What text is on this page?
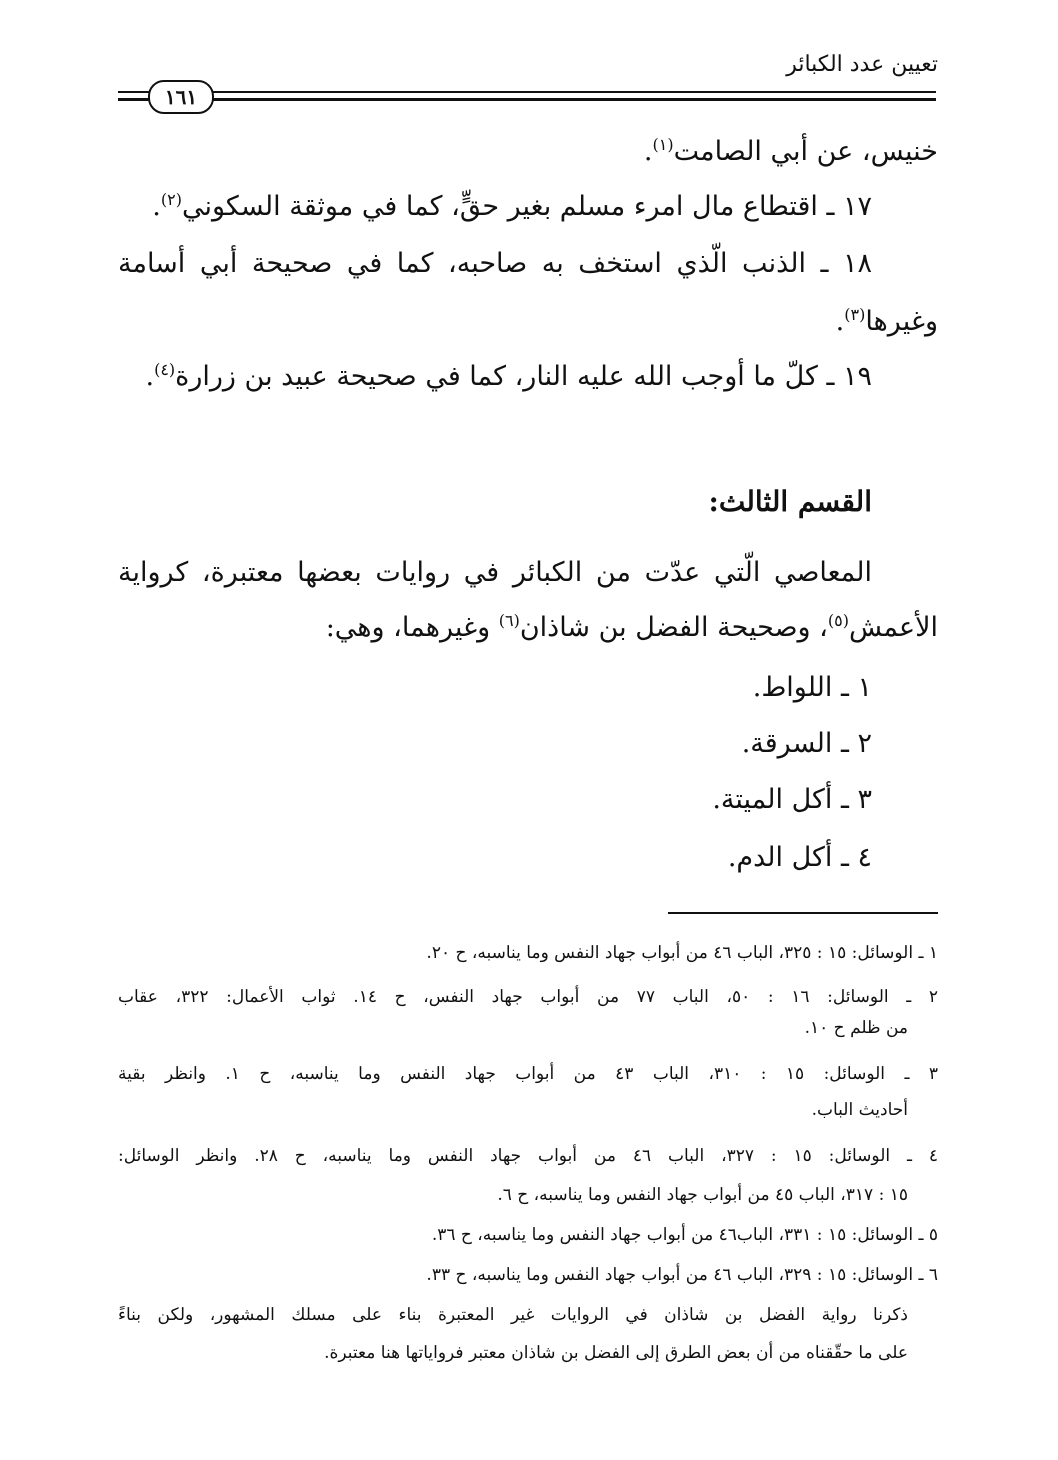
تعيين عدد الكبائر
١٦١
خنيس، عن أبي الصامت$^{(١)}$.
١٧ ـ اقتطاع مال امرء مسلم بغير حقٍّ، كما في موثقة السكوني$^{(٢)}$.
١٨ ـ الذنب الّذي استخف به صاحبه، كما في صحيحة أبي أسامة
وغيرها$^{(٣)}$.
١٩ ـ كلّ ما أوجب الله عليه النار، كما في صحيحة عبيد بن زرارة$^{(٤)}$.
القسم الثالث:
المعاصي الّتي عدّت من الكبائر في روايات بعضها معتبرة، كرواية
الأعمش$^{(٥)}$، وصحيحة الفضل بن شاذان$^{(٦)}$ وغيرهما، وهي:
١ ـ اللواط.
٢ ـ السرقة.
٣ ـ أكل الميتة.
٤ ـ أكل الدم.
١ ـ الوسائل: ١٥ : ٣٢٥، الباب ٤٦ من أبواب جهاد النفس وما يناسبه، ح ٢٠.
٢ ـ الوسائل: ١٦ : ٥٠، الباب ٧٧ من أبواب جهاد النفس، ح ١٤. ثواب الأعمال: ٣٢٢، عقاب
من ظلم ح ١٠.
٣ ـ الوسائل: ١٥ : ٣١٠، الباب ٤٣ من أبواب جهاد النفس وما يناسبه، ح ١. وانظر بقية
أحاديث الباب.
٤ ـ الوسائل: ١٥ : ٣٢٧، الباب ٤٦ من أبواب جهاد النفس وما يناسبه، ح ٢٨. وانظر الوسائل:
١٥ : ٣١٧، الباب ٤٥ من أبواب جهاد النفس وما يناسبه، ح ٦.
٥ ـ الوسائل: ١٥ : ٣٣١، الباب٤٦ من أبواب جهاد النفس وما يناسبه، ح ٣٦.
٦ ـ الوسائل: ١٥ : ٣٢٩، الباب ٤٦ من أبواب جهاد النفس وما يناسبه، ح ٣٣.
ذكرنا رواية الفضل بن شاذان في الروايات غير المعتبرة بناء على مسلك المشهور، ولكن بناءً
على ما حقّقناه من أن بعض الطرق إلى الفضل بن شاذان معتبر فرواياتها هنا معتبرة.
